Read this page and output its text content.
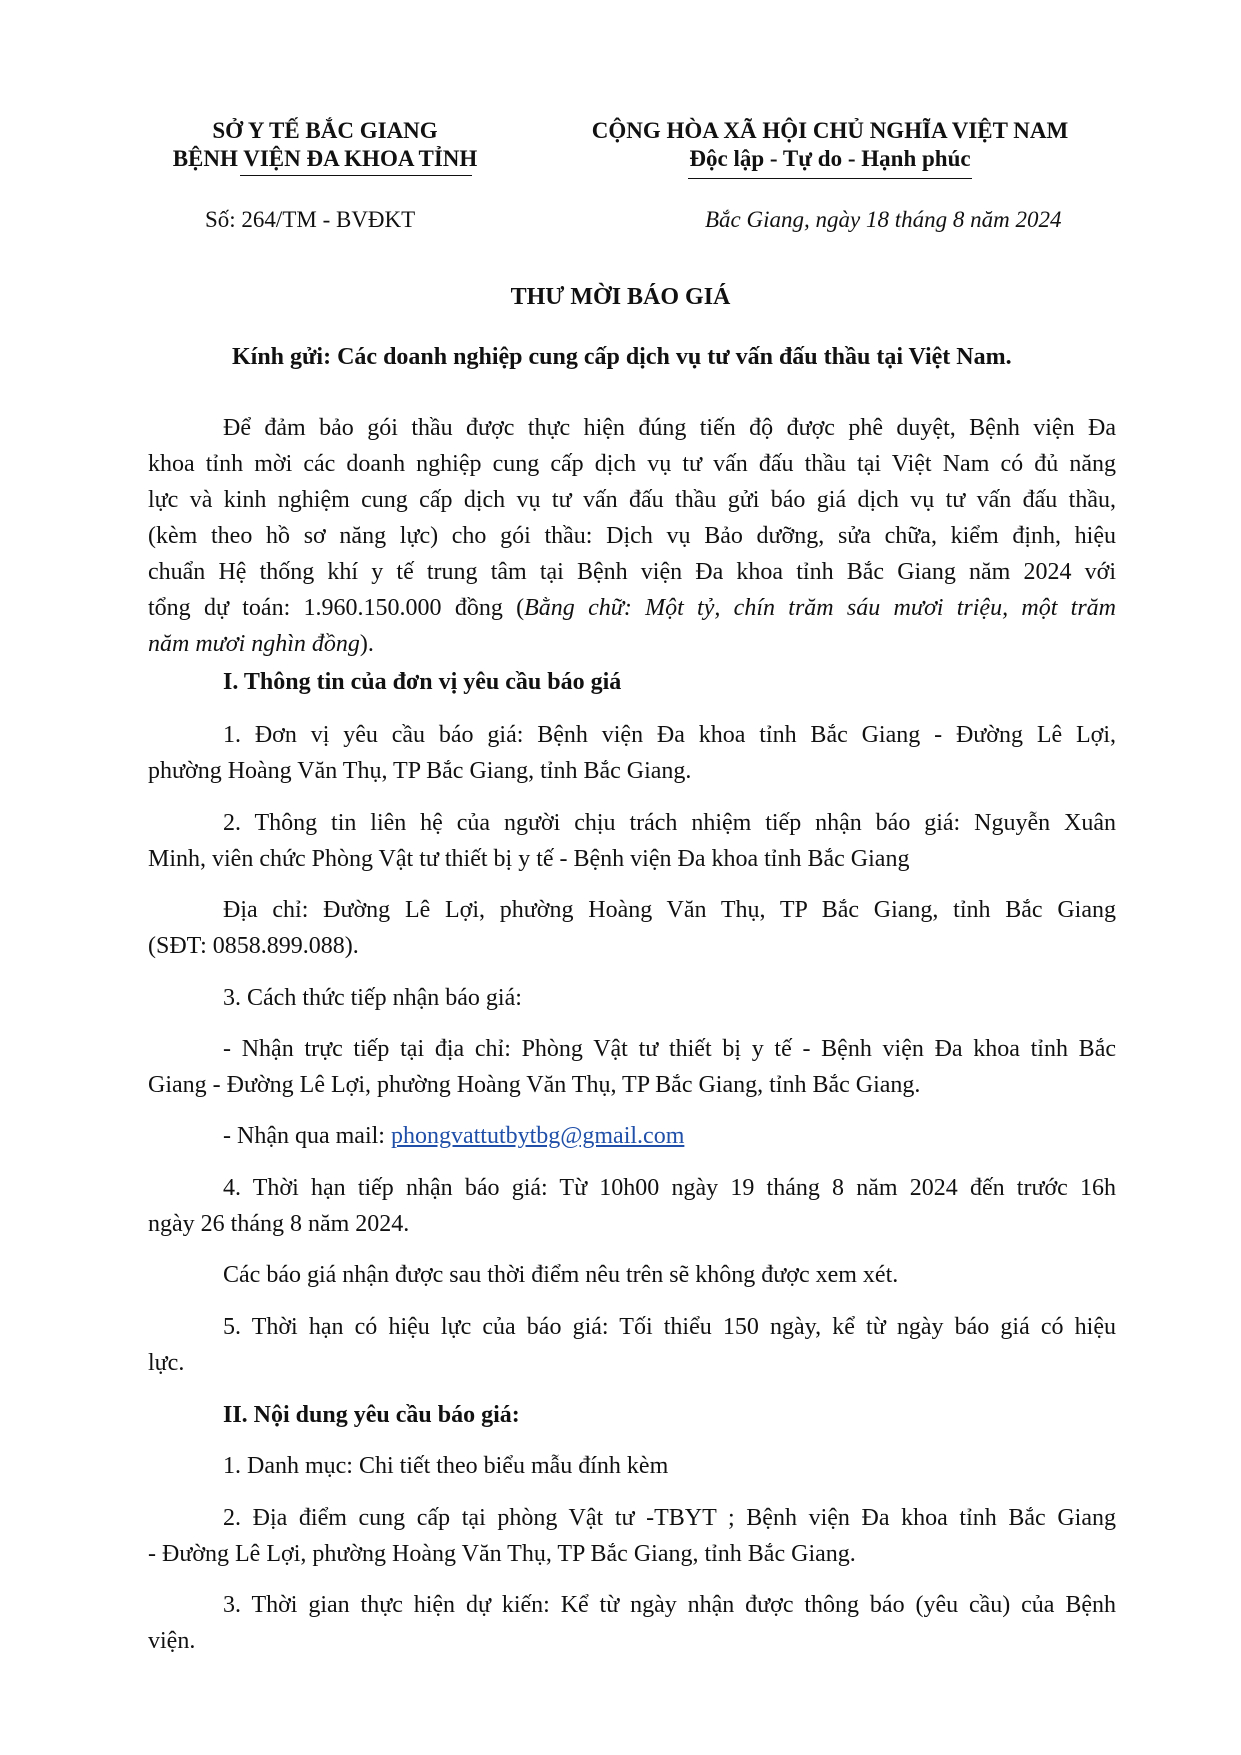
SỞ Y TẾ BẮC GIANG
BỆNH VIỆN ĐA KHOA TỈNH
CỘNG HÒA XÃ HỘI CHỦ NGHĨA VIỆT NAM
Độc lập - Tự do - Hạnh phúc
Số: 264/TM - BVĐKT	Bắc Giang, ngày 18 tháng 8 năm 2024
THƯ MỜI BÁO GIÁ
Kính gửi: Các doanh nghiệp cung cấp dịch vụ tư vấn đấu thầu tại Việt Nam.
Để đảm bảo gói thầu được thực hiện đúng tiến độ được phê duyệt, Bệnh viện Đa
khoa tỉnh mời các doanh nghiệp cung cấp dịch vụ tư vấn đấu thầu tại Việt Nam có đủ năng
lực và kinh nghiệm cung cấp dịch vụ tư vấn đấu thầu gửi báo giá dịch vụ tư vấn đấu thầu,
(kèm theo hồ sơ năng lực) cho gói thầu: Dịch vụ Bảo dưỡng, sửa chữa, kiểm định, hiệu
chuẩn Hệ thống khí y tế trung tâm tại Bệnh viện Đa khoa tỉnh Bắc Giang năm 2024 với
tổng dự toán: 1.960.150.000 đồng (Bằng chữ: Một tỷ, chín trăm sáu mươi triệu, một trăm
năm mươi nghìn đồng).
I. Thông tin của đơn vị yêu cầu báo giá
1. Đơn vị yêu cầu báo giá: Bệnh viện Đa khoa tỉnh Bắc Giang - Đường Lê Lợi,
phường Hoàng Văn Thụ, TP Bắc Giang, tỉnh Bắc Giang.
2. Thông tin liên hệ của người chịu trách nhiệm tiếp nhận báo giá: Nguyễn Xuân
Minh, viên chức Phòng Vật tư thiết bị y tế - Bệnh viện Đa khoa tỉnh Bắc Giang
Địa chỉ: Đường Lê Lợi, phường Hoàng Văn Thụ, TP Bắc Giang, tỉnh Bắc Giang
(SĐT: 0858.899.088).
3. Cách thức tiếp nhận báo giá:
- Nhận trực tiếp tại địa chỉ: Phòng Vật tư thiết bị y tế - Bệnh viện Đa khoa tỉnh Bắc
Giang - Đường Lê Lợi, phường Hoàng Văn Thụ, TP Bắc Giang, tỉnh Bắc Giang.
- Nhận qua mail: phongvattutbytbg@gmail.com
4. Thời hạn tiếp nhận báo giá: Từ 10h00 ngày 19 tháng 8 năm 2024 đến trước 16h
ngày 26 tháng 8 năm 2024.
Các báo giá nhận được sau thời điểm nêu trên sẽ không được xem xét.
5. Thời hạn có hiệu lực của báo giá: Tối thiểu 150 ngày, kể từ ngày báo giá có hiệu
lực.
II. Nội dung yêu cầu báo giá:
1. Danh mục: Chi tiết theo biểu mẫu đính kèm
2. Địa điểm cung cấp tại phòng Vật tư -TBYT ; Bệnh viện Đa khoa tỉnh Bắc Giang
- Đường Lê Lợi, phường Hoàng Văn Thụ, TP Bắc Giang, tỉnh Bắc Giang.
3. Thời gian thực hiện dự kiến: Kể từ ngày nhận được thông báo (yêu cầu) của Bệnh
viện.
